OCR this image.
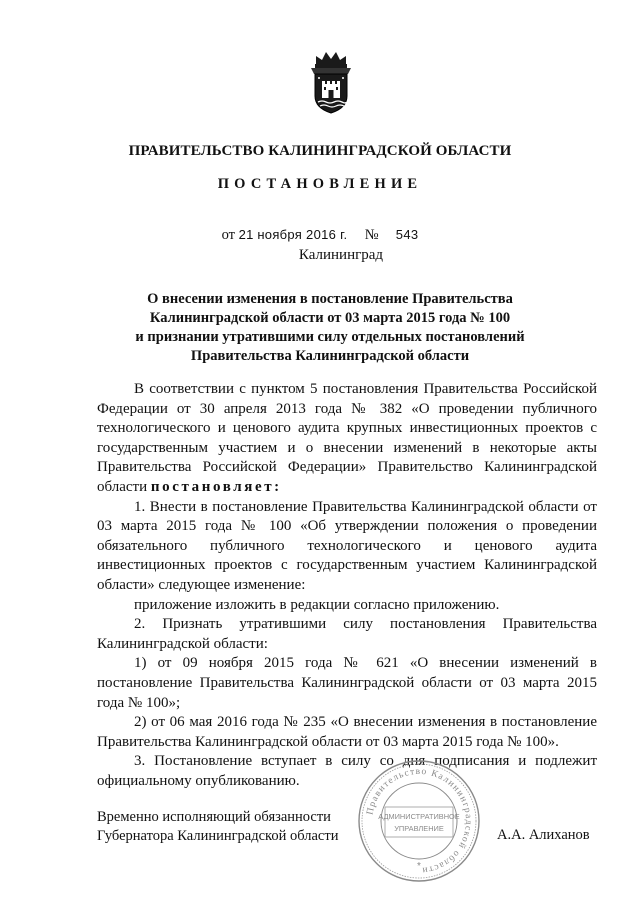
ПРАВИТЕЛЬСТВО КАЛИНИНГРАДСКОЙ ОБЛАСТИ
ПОСТАНОВЛЕНИЕ
от 21 ноября 2016 г. № 543
Калининград
О внесении изменения в постановление Правительства
Калининградской области от 03 марта 2015 года № 100
и признании утратившими силу отдельных постановлений
Правительства Калининградской области

В соответствии с пунктом 5 постановления Правительства Российской Федерации от 30 апреля 2013 года № 382 «О проведении публичного технологического и ценового аудита крупных инвестиционных проектов с государственным участием и о внесении изменений в некоторые акты Правительства Российской Федерации» Правительство Калининградской области постановляет:

1. Внести в постановление Правительства Калининградской области от 03 марта 2015 года № 100 «Об утверждении положения о проведении обязательного публичного технологического и ценового аудита инвестиционных проектов с государственным участием Калининградской области» следующее изменение:

приложение изложить в редакции согласно приложению.

2. Признать утратившими силу постановления Правительства Калининградской области:

1) от 09 ноября 2015 года № 621 «О внесении изменений в постановление Правительства Калининградской области от 03 марта 2015 года № 100»;

2) от 06 мая 2016 года № 235 «О внесении изменения в постановление Правительства Калининградской области от 03 марта 2015 года № 100».

3. Постановление вступает в силу со дня подписания и подлежит официальному опубликованию.

Временно исполняющий обязанности
Губернатора Калининградской области
Правительство Калининградской области
АДМИНИСТРАТИВНОЕ
УПРАВЛЕНИЕ
*
А.А. Алиханов
